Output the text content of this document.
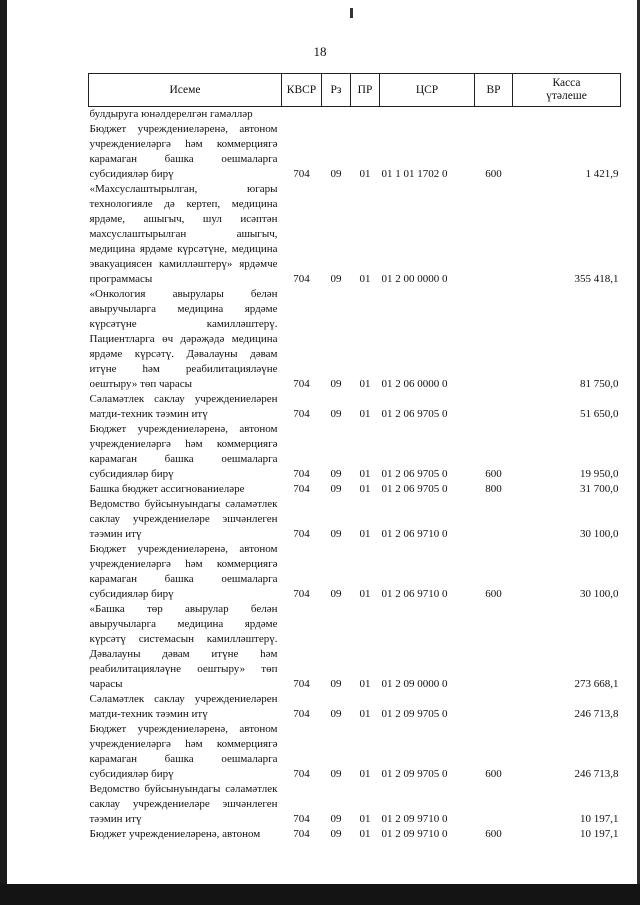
18
Исеме	КВСР	Рз	ПР	ЦСР	ВР	Касса
үтәлеше
булдыруга юнәлдерелгән гамәлләр						
Бюджет учреждениеләренә, автоном учреждениеләргә һәм коммерциягә карамаган башка оешмаларга субсидияләр бирү	704	09	01	01 1 01 1702 0	600	1 421,9
«Махсуслаштырылган, югары технологияле дә кертеп, медицина ярдәме, ашыгыч, шул исәптән махсуслаштырылган ашыгыч, медицина ярдәме күрсәтүне, медицина эвакуациясен камилләштерү» ярдәмче программасы	704	09	01	01 2 00 0000 0		355 418,1
«Онкология авырулары белән авыручыларга медицина ярдәме күрсәтүне камилләштерү. Пациентларга өч дәрәҗәдә медицина ярдәме күрсәтү. Дәвалауны дәвам итүне һәм реабилитацияләүне оештыру» төп чарасы	704	09	01	01 2 06 0000 0		81 750,0
Сәламәтлек саклау учреждениеләрен матди-техник тәэмин итү	704	09	01	01 2 06 9705 0		51 650,0
Бюджет учреждениеләренә, автоном учреждениеләргә һәм коммерциягә карамаган башка оешмаларга субсидияләр бирү	704	09	01	01 2 06 9705 0	600	19 950,0
Башка бюджет ассигнованиеләре	704	09	01	01 2 06 9705 0	800	31 700,0
Ведомство буйсынуындагы сәламәтлек саклау учреждениеләре эшчәнлеген тәэмин итү	704	09	01	01 2 06 9710 0		30 100,0
Бюджет учреждениеләренә, автоном учреждениеләргә һәм коммерциягә карамаган башка оешмаларга субсидияләр бирү	704	09	01	01 2 06 9710 0	600	30 100,0
«Башка төр авырулар белән авыручыларга медицина ярдәме күрсәтү системасын камилләштерү. Дәвалауны дәвам итүне һәм реабилитацияләүне оештыру» төп чарасы	704	09	01	01 2 09 0000 0		273 668,1
Сәламәтлек саклау учреждениеләрен матди-техник тәэмин итү	704	09	01	01 2 09 9705 0		246 713,8
Бюджет учреждениеләренә, автоном учреждениеләргә һәм коммерциягә карамаган башка оешмаларга субсидияләр бирү	704	09	01	01 2 09 9705 0	600	246 713,8
Ведомство буйсынуындагы сәламәтлек саклау учреждениеләре эшчәнлеген тәэмин итү	704	09	01	01 2 09 9710 0		10 197,1
Бюджет учреждениеләренә, автоном	704	09	01	01 2 09 9710 0	600	10 197,1
